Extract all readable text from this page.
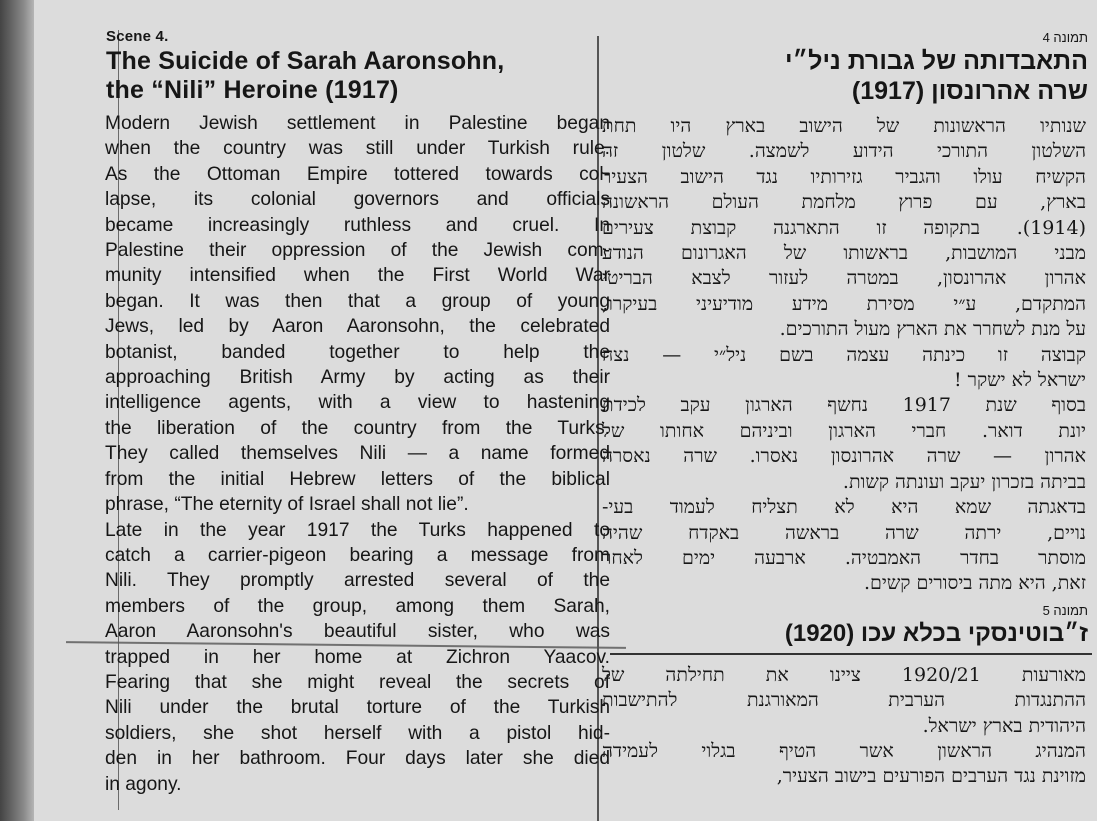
Scene 4.
The Suicide of Sarah Aaronsohn,
the “Nili” Heroine (1917)
Modern Jewish settlement in Palestine began
when the country was still under Turkish rule.
As the Ottoman Empire tottered towards col-
lapse, its colonial governors and officials
became increasingly ruthless and cruel. In
Palestine their oppression of the Jewish com-
munity intensified when the First World War
began. It was then that a group of young
Jews, led by Aaron Aaronsohn, the celebrated
botanist, banded together to help the
approaching British Army by acting as their
intelligence agents, with a view to hastening
the liberation of the country from the Turks.
They called themselves Nili — a name formed
from the initial Hebrew letters of the biblical
phrase, “The eternity of Israel shall not lie”.
Late in the year 1917 the Turks happened to
catch a carrier-pigeon bearing a message from
Nili. They promptly arrested several of the
members of the group, among them Sarah,
Aaron Aaronsohn's beautiful sister, who was
trapped in her home at Zichron Yaacov.
Fearing that she might reveal the secrets of
Nili under the brutal torture of the Turkish
soldiers, she shot herself with a pistol hid-
den in her bathroom. Four days later she died
in agony.
תמונה 4
התאבדותה של גבורת ניל״י
שרה אהרונסון (1917)
שנותיו הראשונות של הישוב בארץ היו תחת
השלטון התורכי הידוע לשמצה. שלטון זה
הקשיח עולו והגביר גזירותיו נגד הישוב הצעיר
בארץ, עם פרוץ מלחמת העולם הראשונה
(1914). בתקופה זו התארגנה קבוצת צעירים
מבני המושבות, בראשותו של האגרונום הנודע
אהרון אהרונסון, במטרה לעזור לצבא הבריטי
המתקדם, ע״י מסירת מידע מודיעיני בעיקרו,
על מנת לשחרר את הארץ מעול התורכים.
קבוצה זו כינתה עצמה בשם ניל״י — נצח
ישראל לא ישקר !
בסוף שנת 1917 נחשף הארגון עקב לכידת
יונת דואר. חברי הארגון וביניהם אחותו של
אהרון — שרה אהרונסון נאסרו. שרה נאסרה
בביתה בזכרון יעקב ועונתה קשות.
בדאגתה שמא היא לא תצליח לעמוד בעי-
נויים, ירתה שרה בראשה באקדח שהיה
מוסתר בחדר האמבטיה. ארבעה ימים לאחר
זאת, היא מתה ביסורים קשים.
תמונה 5
ז״בוטינסקי בכלא עכו (1920)
מאורעות 1920/21 ציינו את תחילתה של
ההתנגדות הערבית המאורגנת להתישבות
היהודית בארץ ישראל.
המנהיג הראשון אשר הטיף בגלוי לעמידה
מזוינת נגד הערבים הפורעים בישוב הצעיר,
